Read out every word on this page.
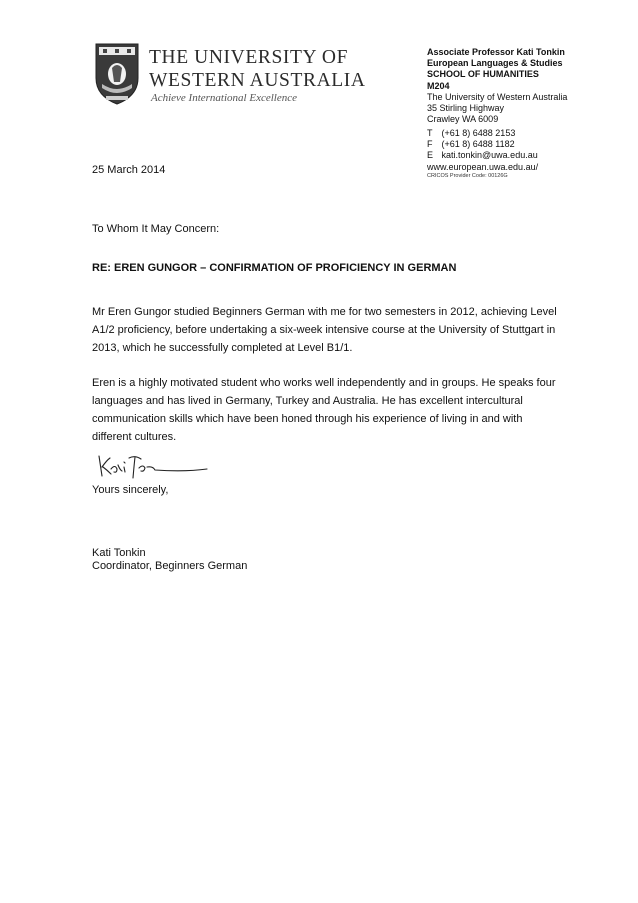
THE UNIVERSITY OF
WESTERN AUSTRALIA
Achieve International Excellence
Associate Professor Kati Tonkin
European Languages & Studies
SCHOOL OF HUMANITIES
M204
The University of Western Australia
35 Stirling Highway
Crawley WA 6009
T (+61 8) 6488 2153
F (+61 8) 6488 1182
E kati.tonkin@uwa.edu.au
www.european.uwa.edu.au/
CRICOS Provider Code: 00126G
25 March 2014
To Whom It May Concern:
RE: EREN GUNGOR – CONFIRMATION OF PROFICIENCY IN GERMAN

Mr Eren Gungor studied Beginners German with me for two semesters in 2012, achieving Level A1/2 proficiency, before undertaking a six-week intensive course at the University of Stuttgart in 2013, which he successfully completed at Level B1/1.

Eren is a highly motivated student who works well independently and in groups. He speaks four languages and has lived in Germany, Turkey and Australia. He has excellent intercultural communication skills which have been honed through his experience of living in and with different cultures.

Yours sincerely,
Kati Tonkin
Coordinator, Beginners German
